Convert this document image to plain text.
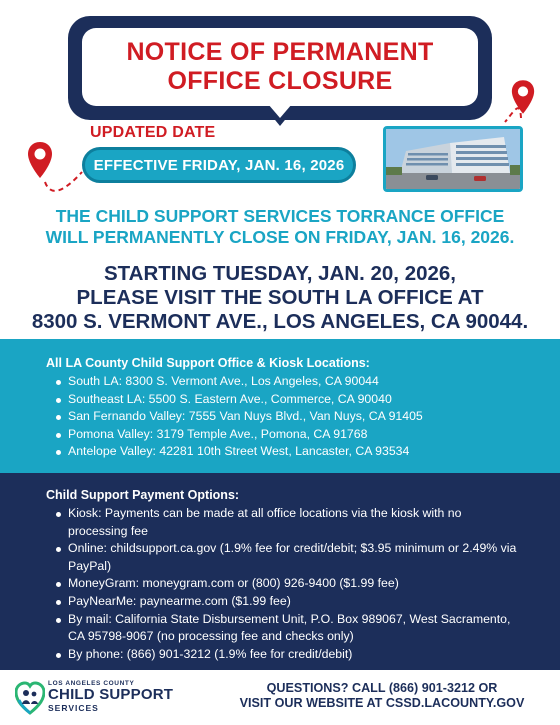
NOTICE OF PERMANENT
OFFICE CLOSURE
UPDATED DATE
EFFECTIVE FRIDAY, JAN. 16, 2026
THE CHILD SUPPORT SERVICES TORRANCE OFFICE
WILL PERMANENTLY CLOSE ON FRIDAY, JAN. 16, 2026.
STARTING TUESDAY, JAN. 20, 2026,
PLEASE VISIT THE SOUTH LA OFFICE AT
8300 S. VERMONT AVE., LOS ANGELES, CA 90044.
All LA County Child Support Office & Kiosk Locations:
South LA: 8300 S. Vermont Ave., Los Angeles, CA 90044
Southeast LA: 5500 S. Eastern Ave., Commerce, CA 90040
San Fernando Valley: 7555 Van Nuys Blvd., Van Nuys, CA 91405
Pomona Valley: 3179 Temple Ave., Pomona, CA 91768
Antelope Valley: 42281 10th Street West, Lancaster, CA 93534
Child Support Payment Options:
Kiosk: Payments can be made at all office locations via the kiosk with no processing fee
Online: childsupport.ca.gov (1.9% fee for credit/debit; $3.95 minimum or 2.49% via PayPal)
MoneyGram: moneygram.com or (800) 926-9400 ($1.99 fee)
PayNearMe: paynearme.com ($1.99 fee)
By mail: California State Disbursement Unit, P.O. Box 989067, West Sacramento, CA 95798-9067 (no processing fee and checks only)
By phone: (866) 901-3212 (1.9% fee for credit/debit)
LOS ANGELES COUNTY
CHILD SUPPORT
SERVICES
QUESTIONS? CALL (866) 901-3212 OR
VISIT OUR WEBSITE AT CSSD.LACOUNTY.GOV
